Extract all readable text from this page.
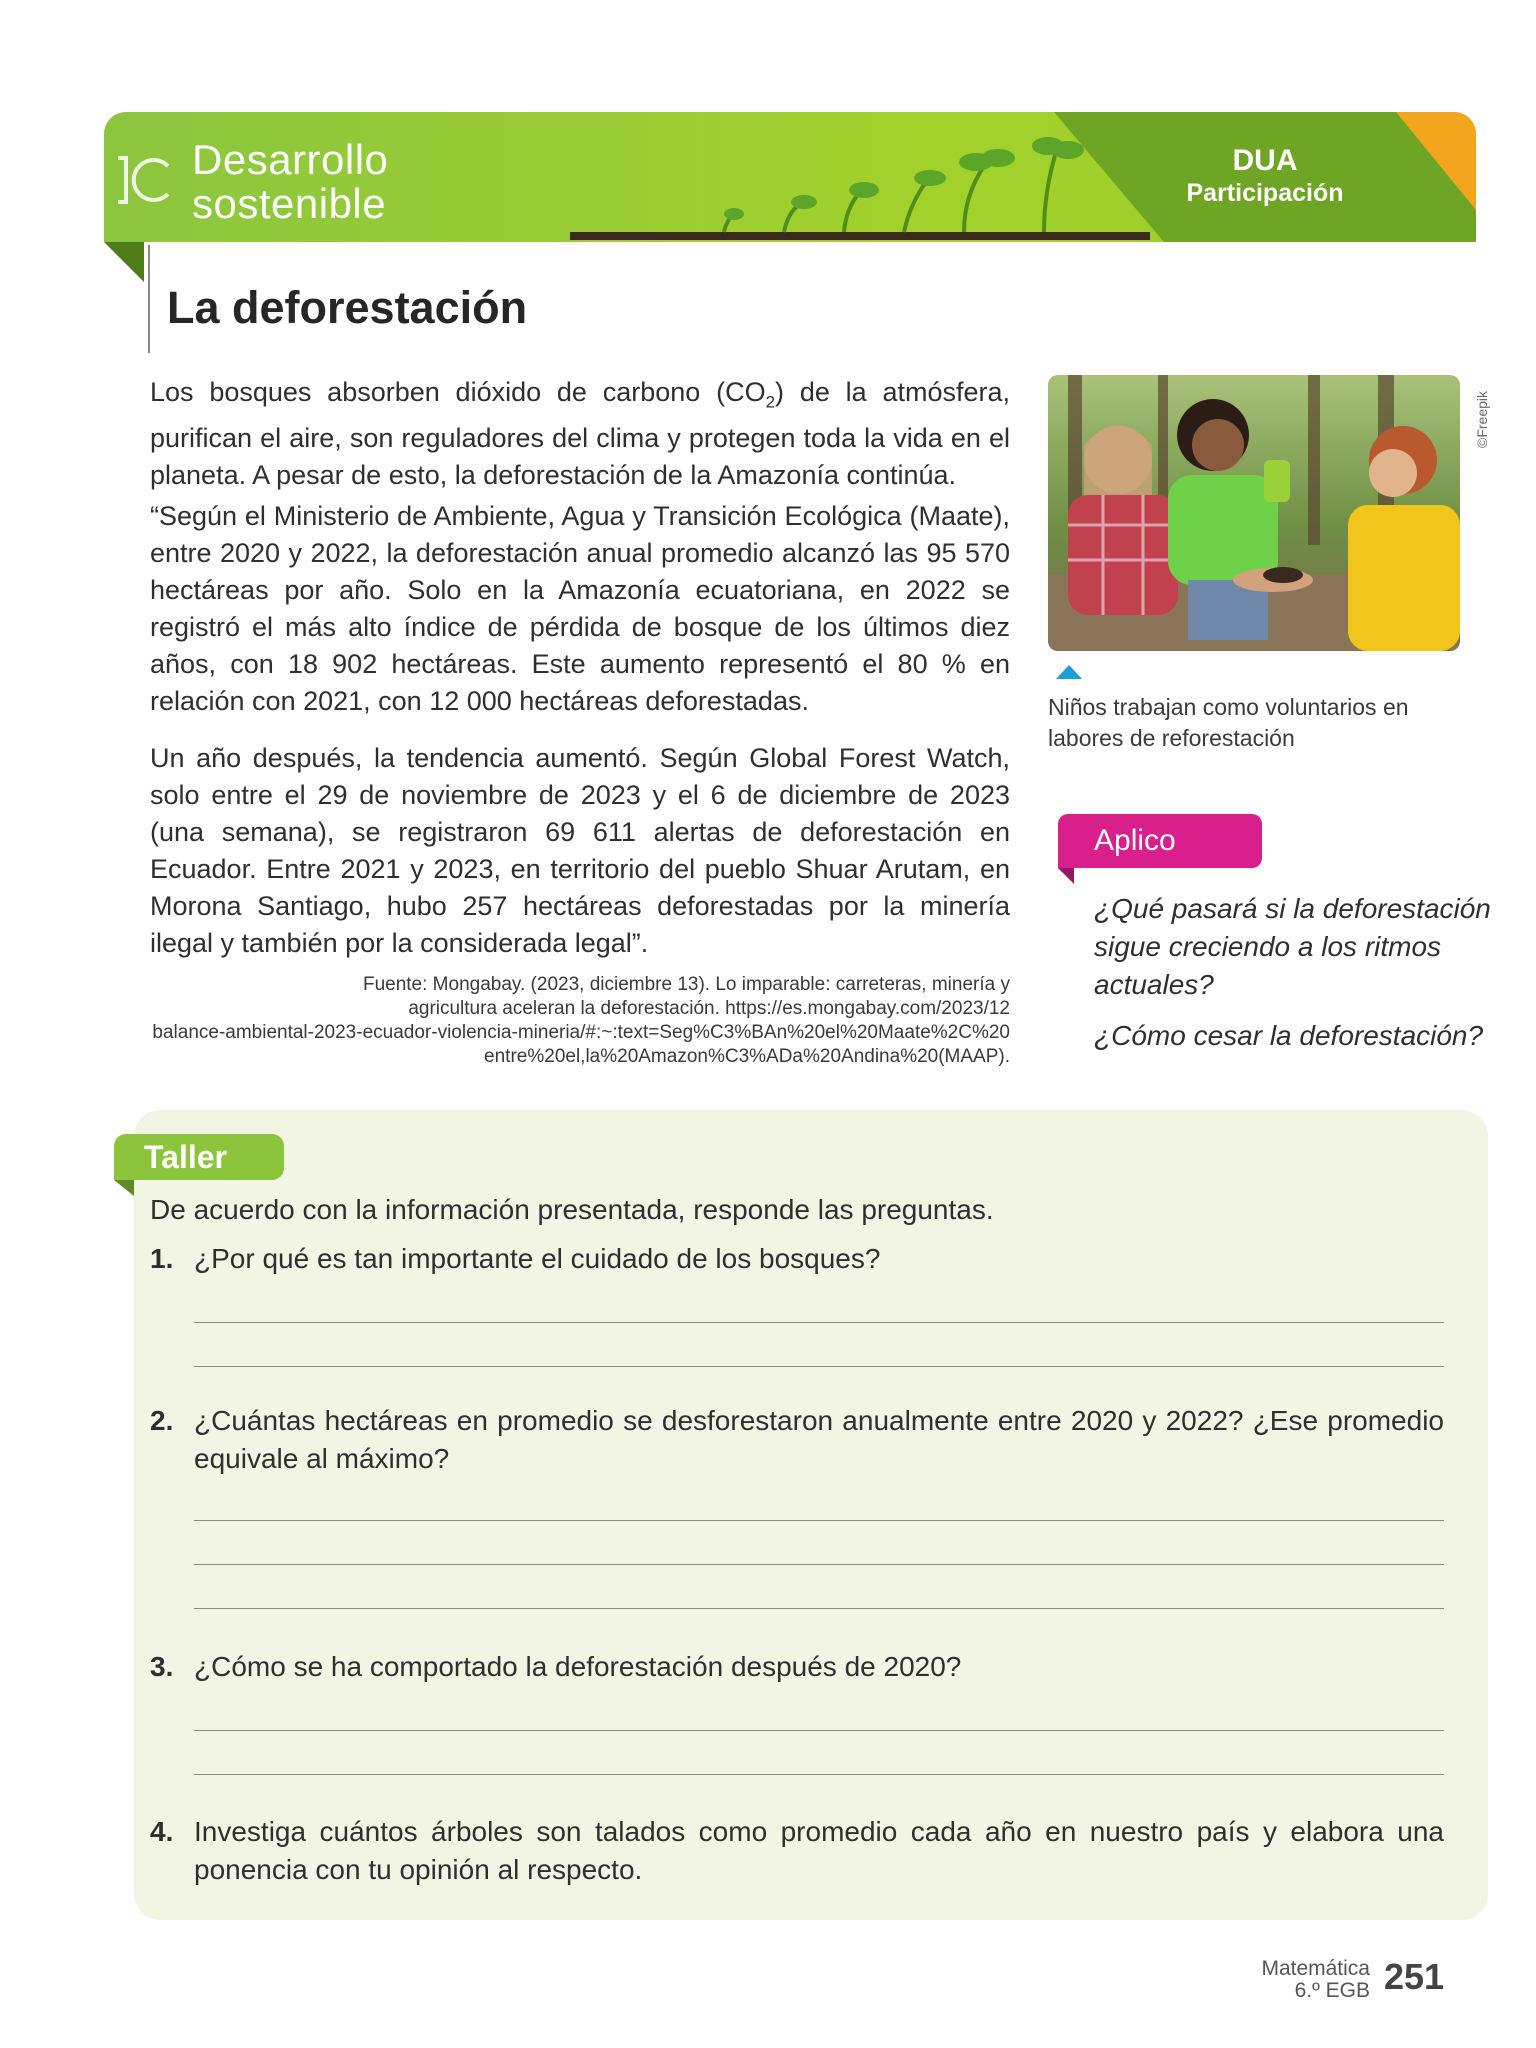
Desarrollo
sostenible
DUA
Participación
La deforestación

Los bosques absorben dióxido de carbono $(CO_2)$ de la atmósfera, purifican el aire, son reguladores del clima y protegen toda la vida en el planeta. A pesar de esto, la deforestación de la Amazonía continúa.

“Según el Ministerio de Ambiente, Agua y Transición Ecológica (Maate), entre 2020 y 2022, la deforestación anual promedio alcanzó las 95 570 hectáreas por año. Solo en la Amazonía ecuatoriana, en 2022 se registró el más alto índice de pérdida de bosque de los últimos diez años, con 18 902 hectáreas. Este aumento representó el 80 % en relación con 2021, con 12 000 hectáreas deforestadas.

Un año después, la tendencia aumentó. Según Global Forest Watch, solo entre el 29 de noviembre de 2023 y el 6 de diciembre de 2023 (una semana), se registraron 69 611 alertas de deforestación en Ecuador. Entre 2021 y 2023, en territorio del pueblo Shuar Arutam, en Morona Santiago, hubo 257 hectáreas deforestadas por la minería ilegal y también por la considerada legal”.

Fuente: Mongabay. (2023, diciembre 13). Lo imparable: carreteras, minería y
agricultura aceleran la deforestación. https://es.mongabay.com/2023/12
balance-ambiental-2023-ecuador-violencia-mineria/#:~:text=Seg%C3%BAn%20el%20Maate%2C%20
entre%20el,la%20Amazon%C3%ADa%20Andina%20(MAAP).
©Freepik
Niños trabajan como voluntarios en labores de reforestación
Aplico
¿Qué pasará si la deforestación sigue creciendo a los ritmos actuales?
¿Cómo cesar la deforestación?
Taller
De acuerdo con la información presentada, responde las preguntas.
1. ¿Por qué es tan importante el cuidado de los bosques?
2. ¿Cuántas hectáreas en promedio se desforestaron anualmente entre 2020 y 2022? ¿Ese promedio equivale al máximo?
3. ¿Cómo se ha comportado la deforestación después de 2020?
4. Investiga cuántos árboles son talados como promedio cada año en nuestro país y elabora una ponencia con tu opinión al respecto.
Matemática
6.º EGB 251
